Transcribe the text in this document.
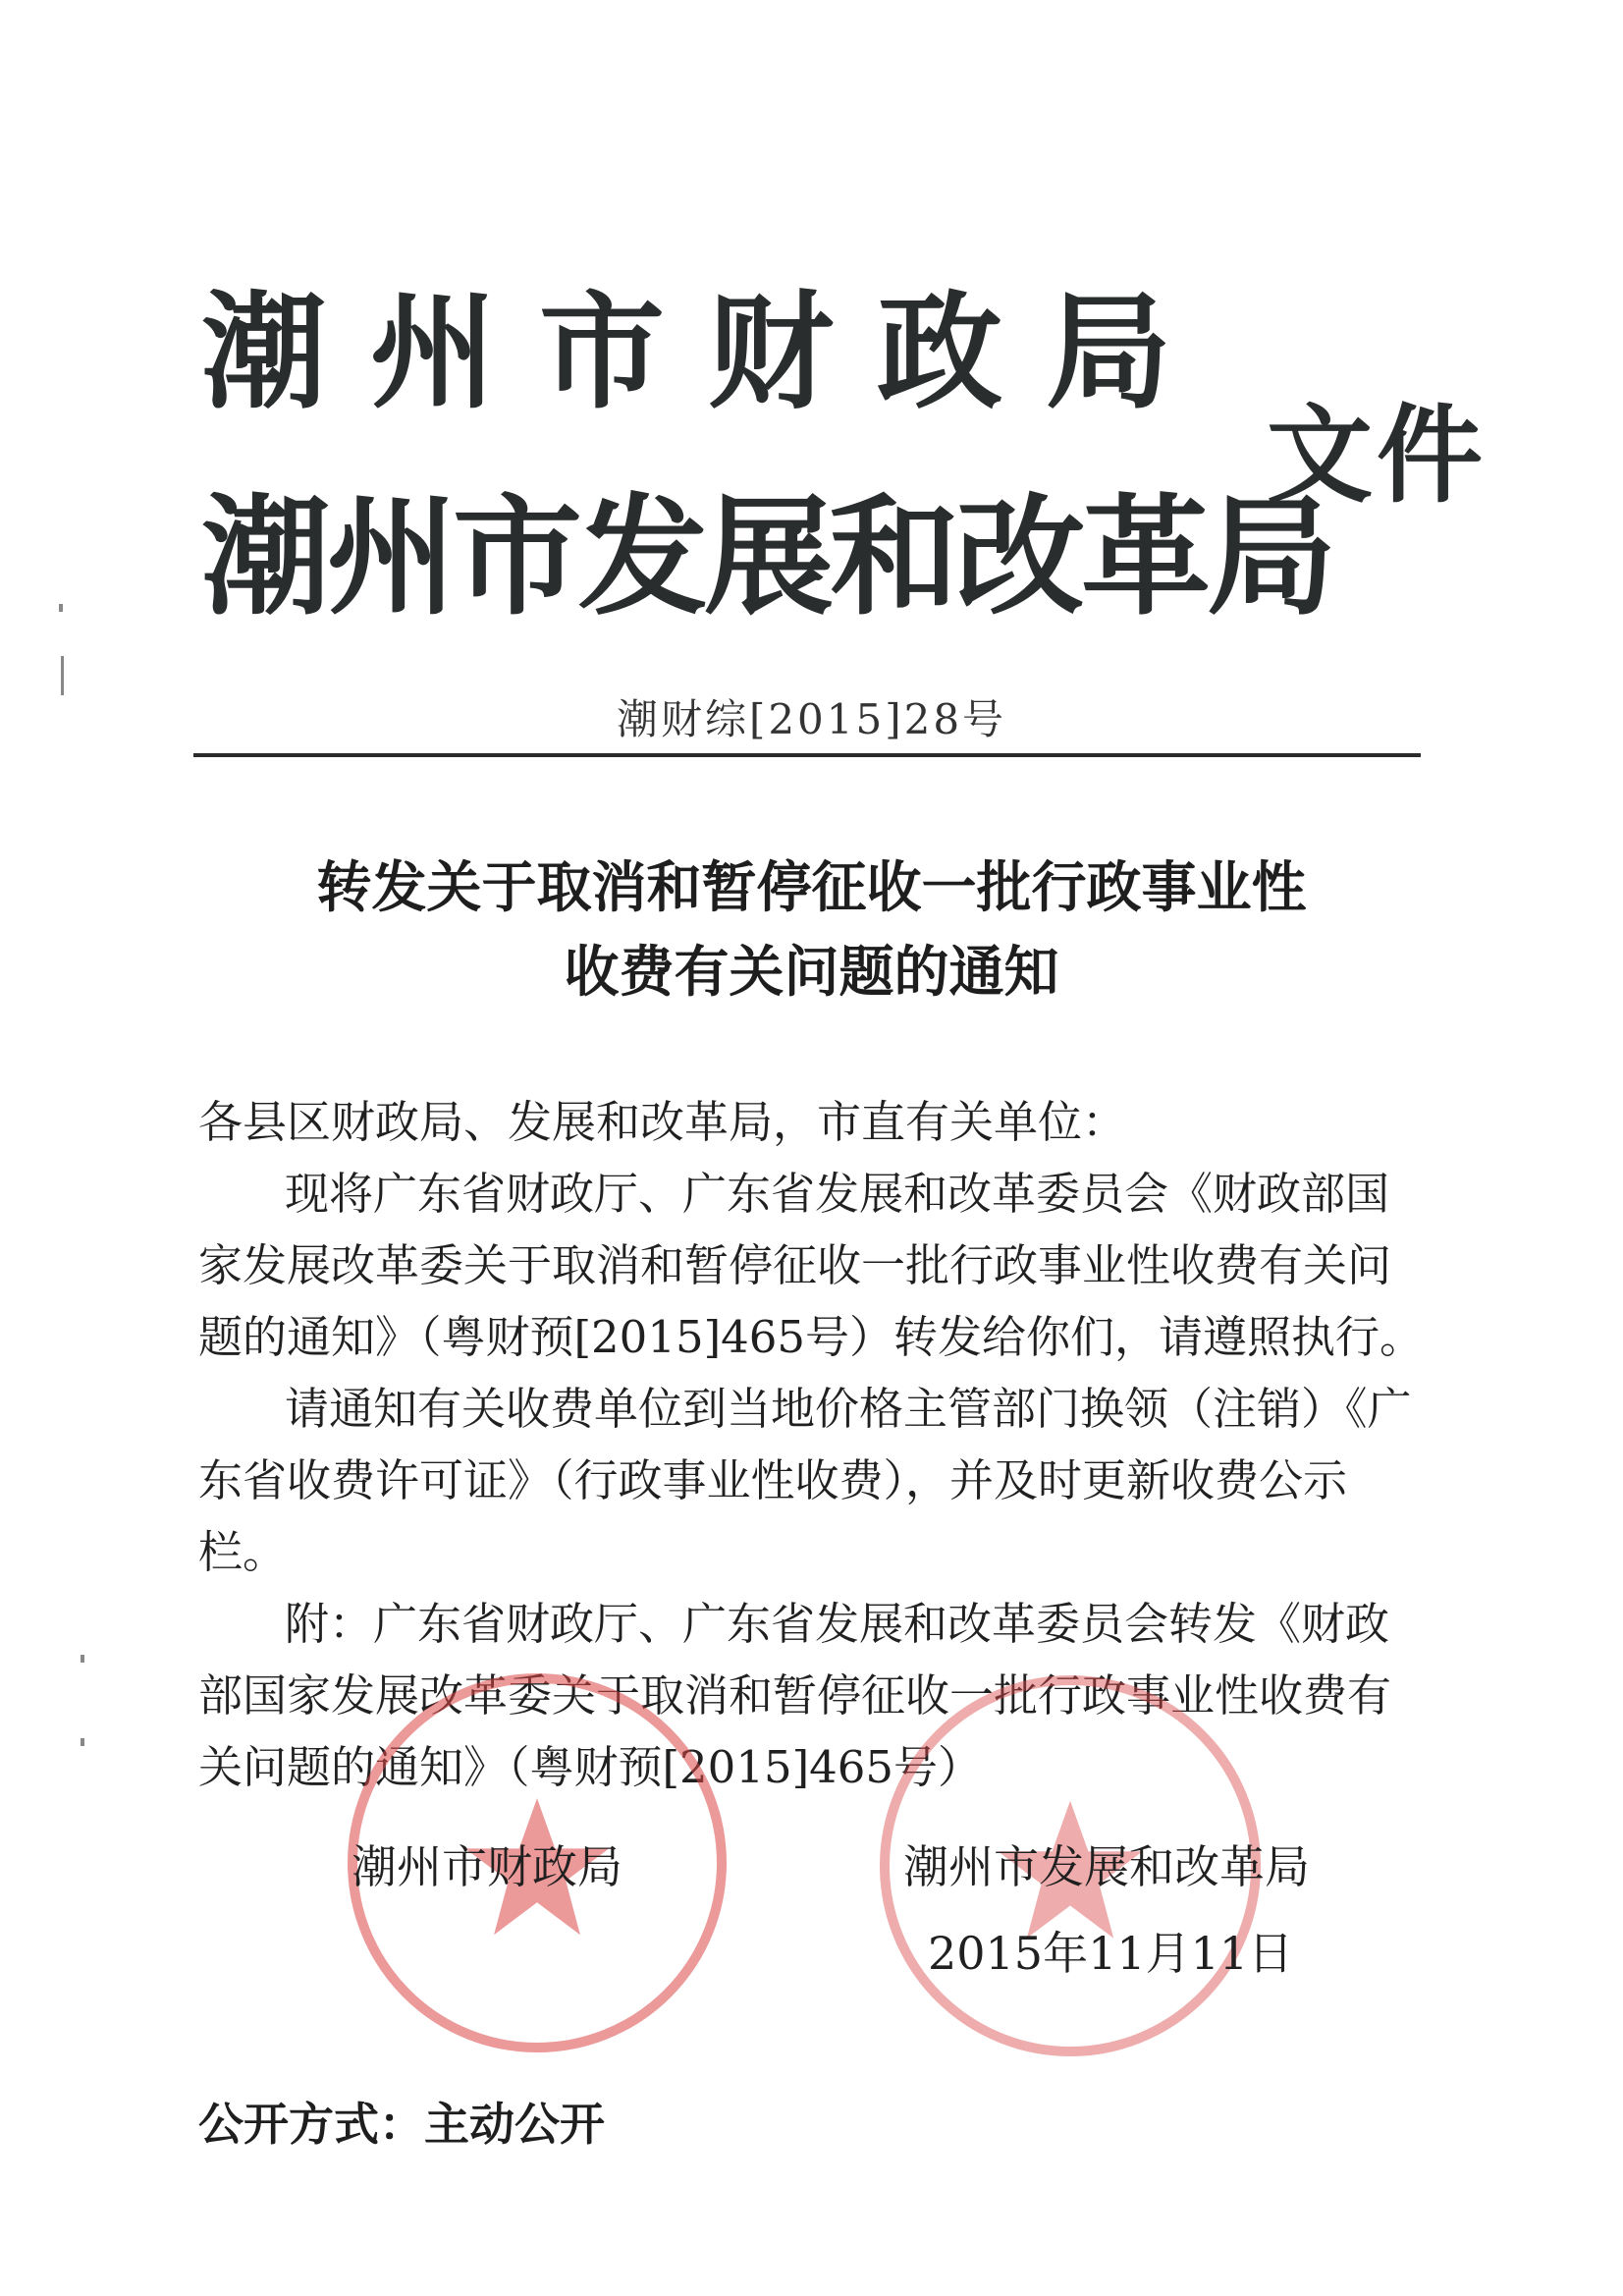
潮州市财政局
潮州市发展和改革局
文件
潮财综[2015]28号
转发关于取消和暂停征收一批行政事业性
收费有关问题的通知

各县区财政局、发展和改革局，市直有关单位：

现将广东省财政厅、广东省发展和改革委员会《财政部国家发展改革委关于取消和暂停征收一批行政事业性收费有关问题的通知》（粤财预[2015]465号）转发给你们，请遵照执行。

请通知有关收费单位到当地价格主管部门换领（注销）《广东省收费许可证》（行政事业性收费），并及时更新收费公示栏。

附：广东省财政厅、广东省发展和改革委员会转发《财政部国家发展改革委关于取消和暂停征收一批行政事业性收费有关问题的通知》（粤财预[2015]465号）

潮州市财政局	潮州市发展和改革局
2015年11月11日
公开方式：主动公开
